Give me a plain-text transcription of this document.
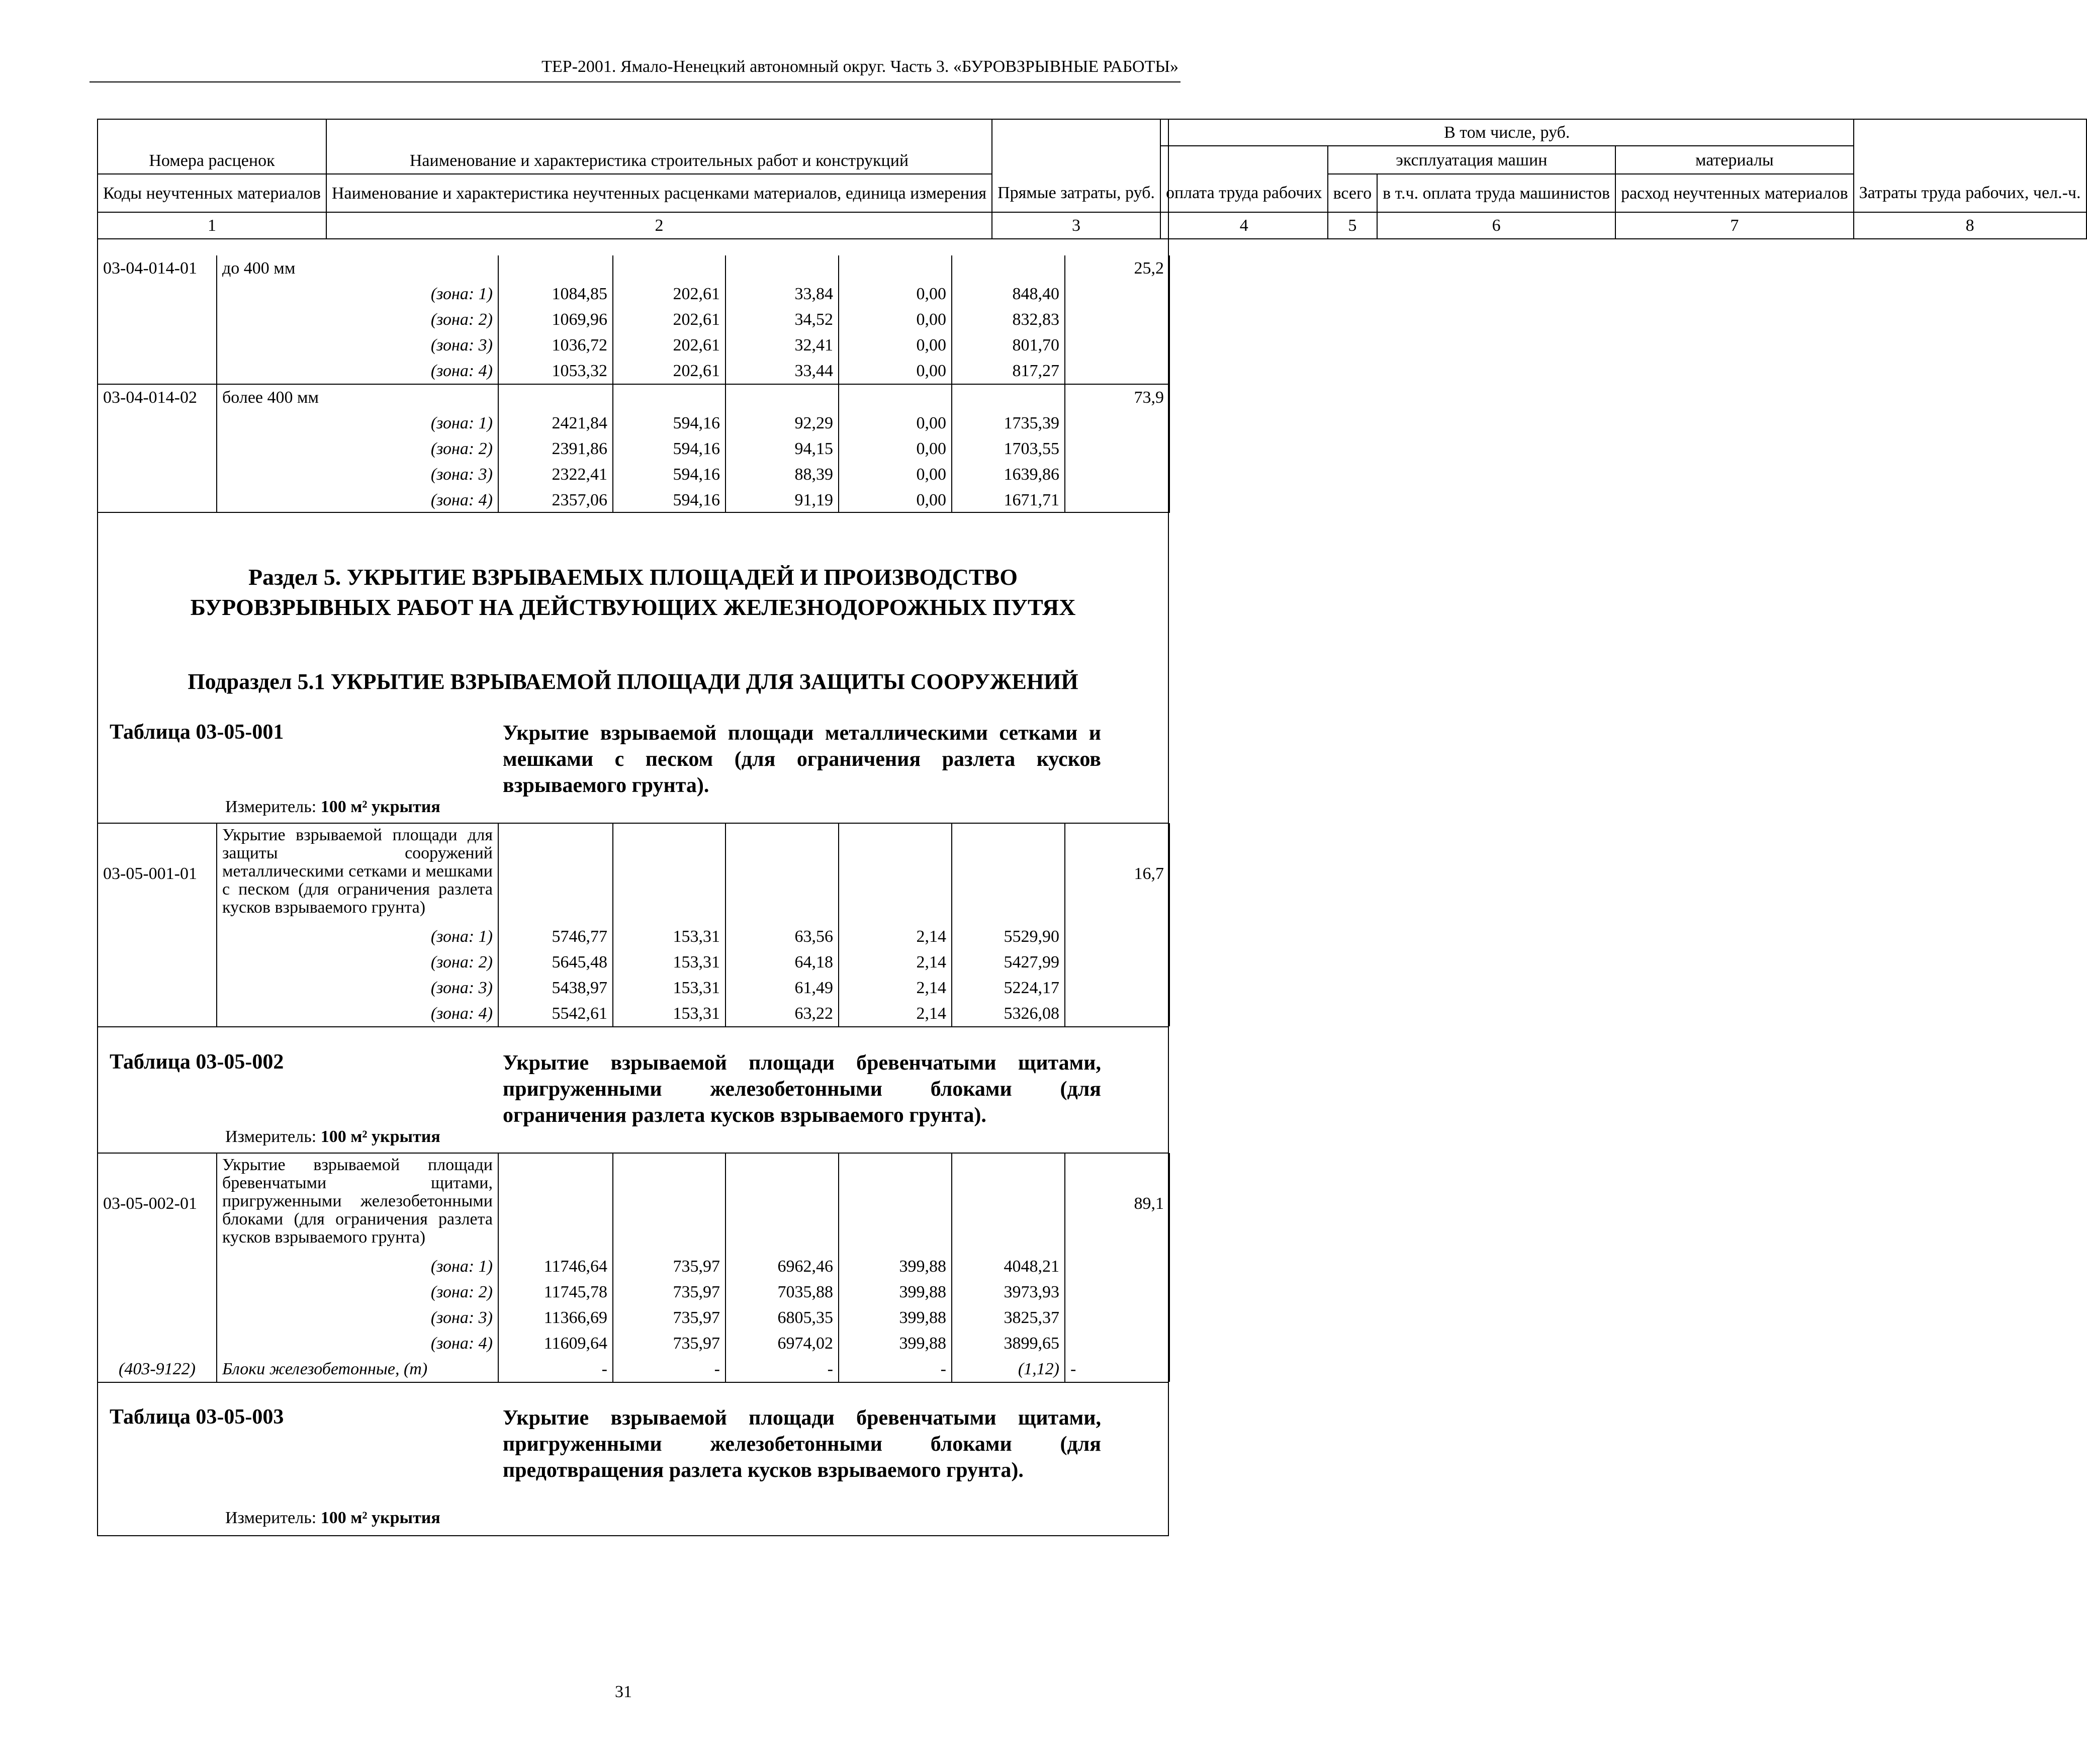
ТЕР-2001. Ямало-Ненецкий автономный округ. Часть 3. «БУРОВЗРЫВНЫЕ РАБОТЫ»
Номера расценок	Наименование и характеристика строительных работ и конструкций	Прямые затраты, руб.	В том числе, руб.				Затраты труда рабочих, чел.-ч.
			оплата труда рабочих	эксплуатация машин		материалы	
Коды неучтенных материалов	Наименование и характеристика неучтенных расценками материалов, единица измерения			всего	в т.ч. оплата труда машинистов	расход неучтенных материалов	

1	2	3	4	5	6	7	8
03-04-014-01	до 400 мм						25,2
	(зона: 1)	1084,85	202,61	33,84	0,00	848,40	
	(зона: 2)	1069,96	202,61	34,52	0,00	832,83	
	(зона: 3)	1036,72	202,61	32,41	0,00	801,70	
	(зона: 4)	1053,32	202,61	33,44	0,00	817,27	
03-04-014-02	более 400 мм						73,9
	(зона: 1)	2421,84	594,16	92,29	0,00	1735,39	
	(зона: 2)	2391,86	594,16	94,15	0,00	1703,55	
	(зона: 3)	2322,41	594,16	88,39	0,00	1639,86	
	(зона: 4)	2357,06	594,16	91,19	0,00	1671,71	
Раздел 5. УКРЫТИЕ ВЗРЫВАЕМЫХ ПЛОЩАДЕЙ И ПРОИЗВОДСТВО
БУРОВЗРЫВНЫХ РАБОТ НА ДЕЙСТВУЮЩИХ ЖЕЛЕЗНОДОРОЖНЫХ ПУТЯХ
Подраздел 5.1 УКРЫТИЕ ВЗРЫВАЕМОЙ ПЛОЩАДИ ДЛЯ ЗАЩИТЫ СООРУЖЕНИЙ
Таблица 03-05-001	Укрытие взрываемой площади металлическими сетками и мешками с песком (для ограничения разлета кусков взрываемого грунта).
Измеритель: 100 м² укрытия
03-05-001-01	Укрытие взрываемой площади для защиты сооружений металлическими сетками и мешками с песком (для ограничения разлета кусков взрываемого грунта)						16,7
	(зона: 1)	5746,77	153,31	63,56	2,14	5529,90	
	(зона: 2)	5645,48	153,31	64,18	2,14	5427,99	
	(зона: 3)	5438,97	153,31	61,49	2,14	5224,17	
	(зона: 4)	5542,61	153,31	63,22	2,14	5326,08	
Таблица 03-05-002	Укрытие взрываемой площади бревенчатыми щитами, пригруженными железобетонными блоками (для ограничения разлета кусков взрываемого грунта).
Измеритель: 100 м² укрытия
03-05-002-01	Укрытие взрываемой площади бревенчатыми щитами, пригруженными железобетонными блоками (для ограничения разлета кусков взрываемого грунта)						89,1
	(зона: 1)	11746,64	735,97	6962,46	399,88	4048,21	
	(зона: 2)	11745,78	735,97	7035,88	399,88	3973,93	
	(зона: 3)	11366,69	735,97	6805,35	399,88	3825,37	
	(зона: 4)	11609,64	735,97	6974,02	399,88	3899,65	
(403-9122)	Блоки железобетонные, (т)	-	-	-	-	(1,12)	-
Таблица 03-05-003	Укрытие взрываемой площади бревенчатыми щитами, пригруженными железобетонными блоками (для предотвращения разлета кусков взрываемого грунта).
Измеритель: 100 м² укрытия
31
